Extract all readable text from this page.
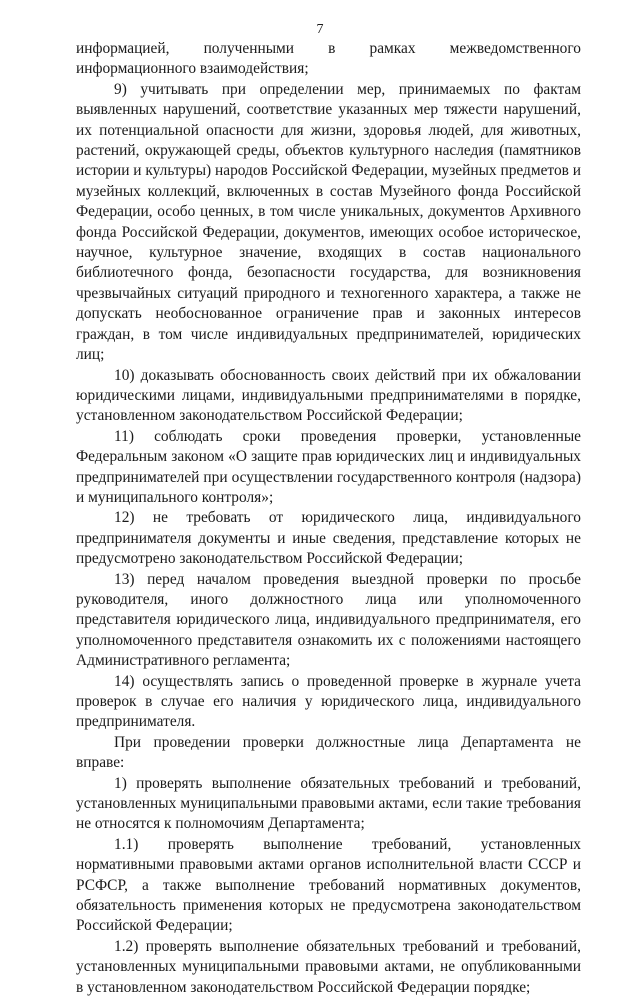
7

информацией, полученными в рамках межведомственного информационного взаимодействия;

9) учитывать при определении мер, принимаемых по фактам выявленных нарушений, соответствие указанных мер тяжести нарушений, их потенциальной опасности для жизни, здоровья людей, для животных, растений, окружающей среды, объектов культурного наследия (памятников истории и культуры) народов Российской Федерации, музейных предметов и музейных коллекций, включенных в состав Музейного фонда Российской Федерации, особо ценных, в том числе уникальных, документов Архивного фонда Российской Федерации, документов, имеющих особое историческое, научное, культурное значение, входящих в состав национального библиотечного фонда, безопасности государства, для возникновения чрезвычайных ситуаций природного и техногенного характера, а также не допускать необоснованное ограничение прав и законных интересов граждан, в том числе индивидуальных предпринимателей, юридических лиц;

10) доказывать обоснованность своих действий при их обжаловании юридическими лицами, индивидуальными предпринимателями в порядке, установленном законодательством Российской Федерации;

11) соблюдать сроки проведения проверки, установленные Федеральным законом «О защите прав юридических лиц и индивидуальных предпринимателей при осуществлении государственного контроля (надзора) и муниципального контроля»;

12) не требовать от юридического лица, индивидуального предпринимателя документы и иные сведения, представление которых не предусмотрено законодательством Российской Федерации;

13) перед началом проведения выездной проверки по просьбе руководителя, иного должностного лица или уполномоченного представителя юридического лица, индивидуального предпринимателя, его уполномоченного представителя ознакомить их с положениями настоящего Административного регламента;

14) осуществлять запись о проведенной проверке в журнале учета проверок в случае его наличия у юридического лица, индивидуального предпринимателя.

При проведении проверки должностные лица Департамента не вправе:

1) проверять выполнение обязательных требований и требований, установленных муниципальными правовыми актами, если такие требования не относятся к полномочиям Департамента;

1.1) проверять выполнение требований, установленных нормативными правовыми актами органов исполнительной власти СССР и РСФСР, а также выполнение требований нормативных документов, обязательность применения которых не предусмотрена законодательством Российской Федерации;

1.2) проверять выполнение обязательных требований и требований, установленных муниципальными правовыми актами, не опубликованными в установленном законодательством Российской Федерации порядке;
